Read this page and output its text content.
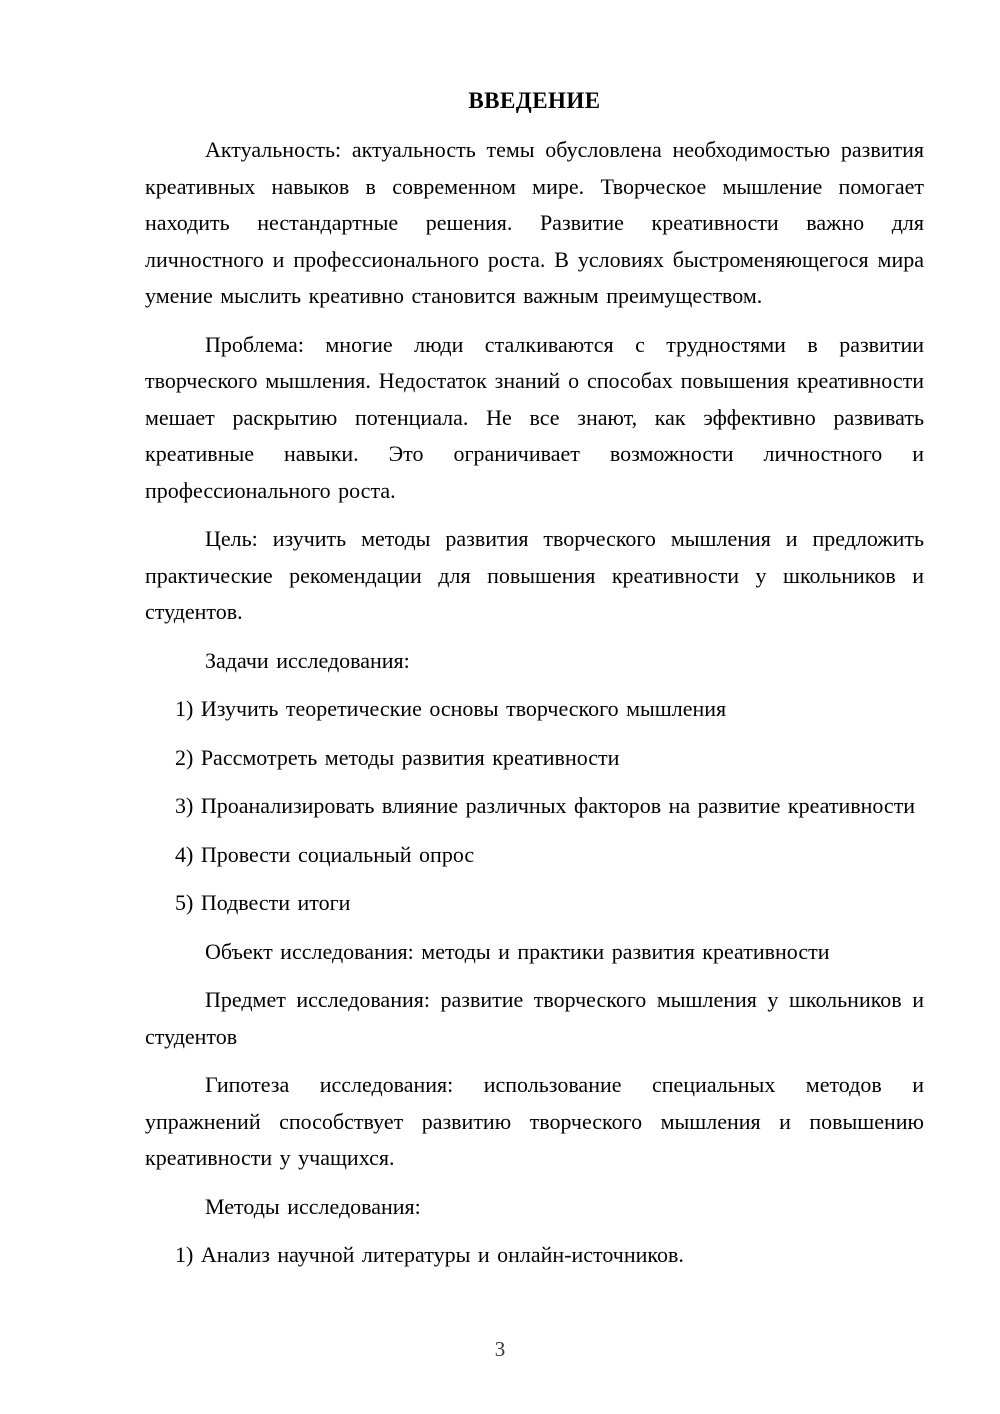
ВВЕДЕНИЕ

Актуальность: актуальность темы обусловлена необходимостью развития креативных навыков в современном мире. Творческое мышление помогает находить нестандартные решения. Развитие креативности важно для личностного и профессионального роста. В условиях быстроменяющегося мира умение мыслить креативно становится важным преимуществом.

Проблема: многие люди сталкиваются с трудностями в развитии творческого мышления. Недостаток знаний о способах повышения креативности мешает раскрытию потенциала. Не все знают, как эффективно развивать креативные навыки. Это ограничивает возможности личностного и профессионального роста.

Цель: изучить методы развития творческого мышления и предложить практические рекомендации для повышения креативности у школьников и студентов.

Задачи исследования:

1) Изучить теоретические основы творческого мышления

2) Рассмотреть методы развития креативности

3) Проанализировать влияние различных факторов на развитие креативности

4) Провести социальный опрос

5) Подвести итоги

Объект исследования: методы и практики развития креативности

Предмет исследования: развитие творческого мышления у школьников и студентов

Гипотеза исследования: использование специальных методов и упражнений способствует развитию творческого мышления и повышению креативности у учащихся.

Методы исследования:

1) Анализ научной литературы и онлайн-источников.

3
